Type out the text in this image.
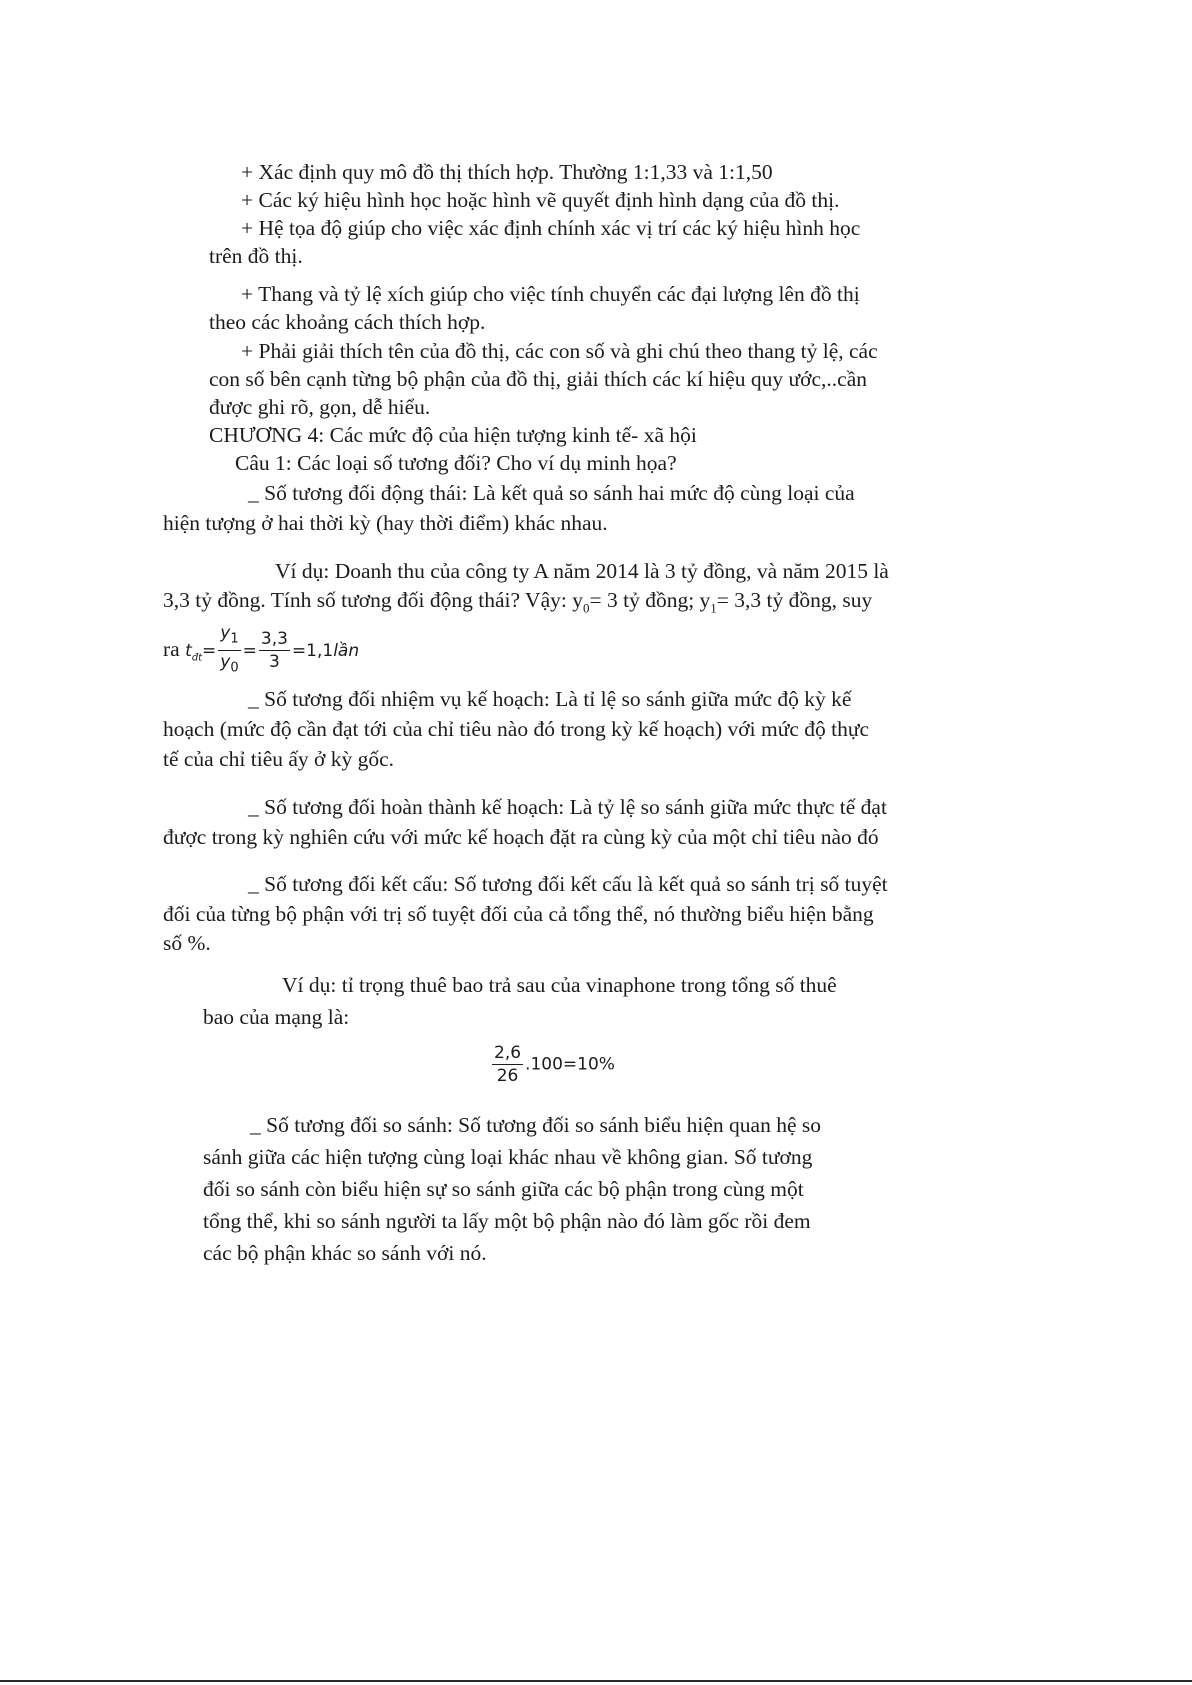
+ Xác định quy mô đồ thị thích hợp. Thường 1:1,33 và 1:1,50
+ Các ký hiệu hình học hoặc hình vẽ quyết định hình dạng của đồ thị.
+ Hệ tọa độ giúp cho việc xác định chính xác vị trí các ký hiệu hình học
trên đồ thị.
+ Thang và tỷ lệ xích giúp cho việc tính chuyển các đại lượng lên đồ thị
theo các khoảng cách thích hợp.
+ Phải giải thích tên của đồ thị, các con số và ghi chú theo thang tỷ lệ, các
con số bên cạnh từng bộ phận của đồ thị, giải thích các kí hiệu quy ước,..cần
được ghi rõ, gọn, dễ hiểu.
CHƯƠNG 4: Các mức độ của hiện tượng kinh tế- xã hội
Câu 1: Các loại số tương đối? Cho ví dụ minh họa?
_ Số tương đối động thái: Là kết quả so sánh hai mức độ cùng loại của
hiện tượng ở hai thời kỳ (hay thời điểm) khác nhau.
Ví dụ: Doanh thu của công ty A năm 2014 là 3 tỷ đồng, và năm 2015 là
3,3 tỷ đồng. Tính số tương đối động thái? Vậy: $y_0= 3$ tỷ đồng; $y_1= 3,3$ tỷ đồng, suy
ra $t_{đt}= \frac{y_1}{y_0} = \frac{3,3}{3}$ =1,1lần
_ Số tương đối nhiệm vụ kế hoạch: Là tỉ lệ so sánh giữa mức độ kỳ kế
hoạch (mức độ cần đạt tới của chỉ tiêu nào đó trong kỳ kế hoạch) với mức độ thực
tế của chỉ tiêu ấy ở kỳ gốc.
_ Số tương đối hoàn thành kế hoạch: Là tỷ lệ so sánh giữa mức thực tế đạt
được trong kỳ nghiên cứu với mức kế hoạch đặt ra cùng kỳ của một chỉ tiêu nào đó
_ Số tương đối kết cấu: Số tương đối kết cấu là kết quả so sánh trị số tuyệt
đối của từng bộ phận với trị số tuyệt đối của cả tổng thể, nó thường biểu hiện bằng
số %.
Ví dụ: tỉ trọng thuê bao trả sau của vinaphone trong tổng số thuê
bao của mạng là:
$\frac{2,6}{26} .100=10\%$
_ Số tương đối so sánh: Số tương đối so sánh biểu hiện quan hệ so
sánh giữa các hiện tượng cùng loại khác nhau về không gian. Số tương
đối so sánh còn biểu hiện sự so sánh giữa các bộ phận trong cùng một
tổng thể, khi so sánh người ta lấy một bộ phận nào đó làm gốc rồi đem
các bộ phận khác so sánh với nó.
